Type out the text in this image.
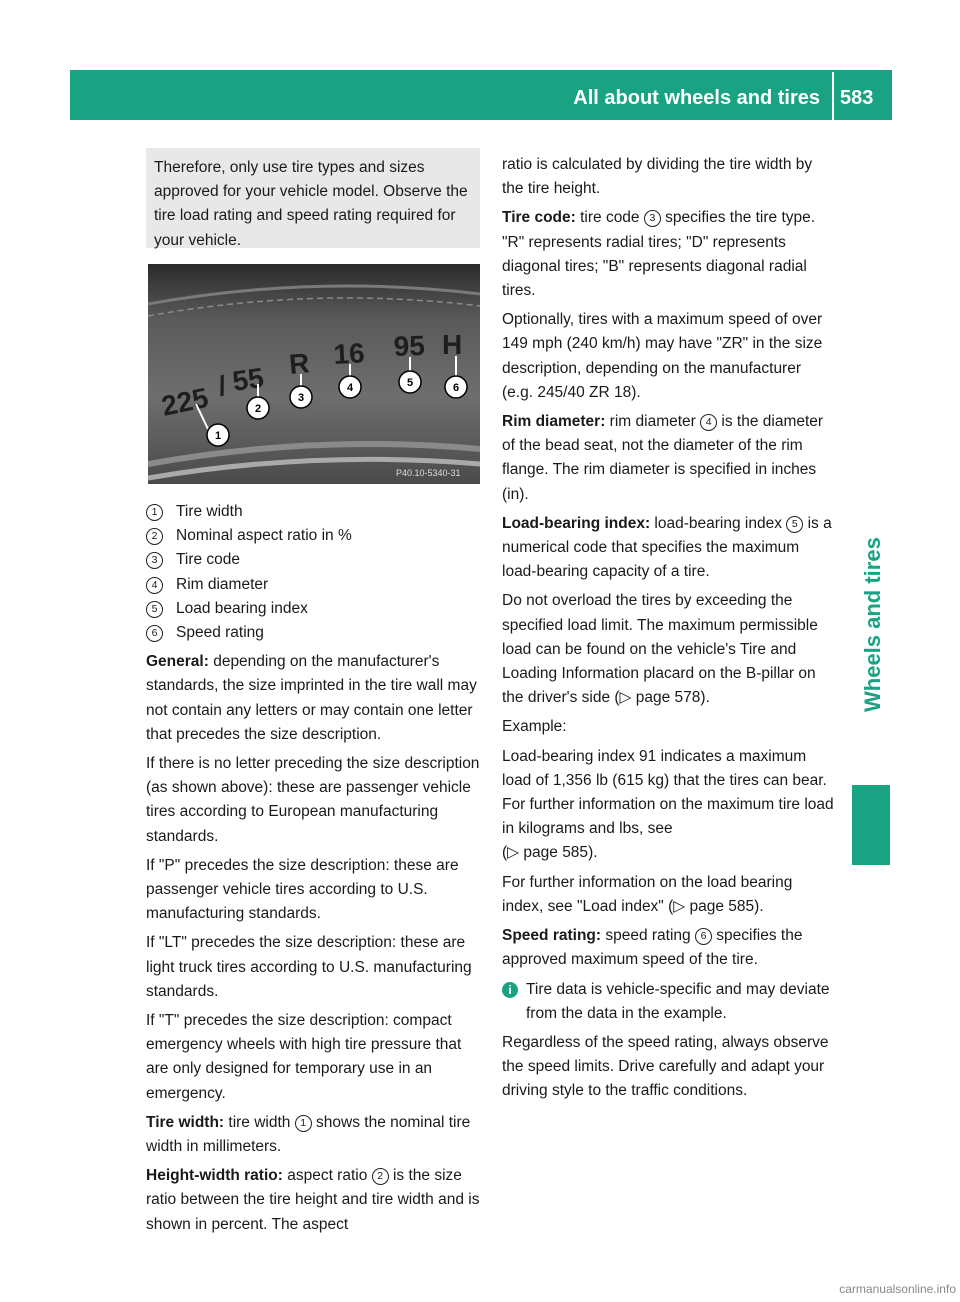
All about wheels and tires 583
Wheels and tires

Therefore, only use tire types and sizes approved for your vehicle model. Observe the tire load rating and speed rating required for your vehicle.

225 / 55 R 16 95 H
1
2
3
4	5	6
P40.10-5340-31

1	Tire width

2	Nominal aspect ratio in %

3	Tire code

4	Rim diameter

5	Load bearing index

6	Speed rating

General: depending on the manufacturer's standards, the size imprinted in the tire wall may not contain any letters or may contain one letter that precedes the size description.

If there is no letter preceding the size description (as shown above): these are passenger vehicle tires according to European manufacturing standards.

If "P" precedes the size description: these are passenger vehicle tires according to U.S. manufacturing standards.

If "LT" precedes the size description: these are light truck tires according to U.S. manufacturing standards.

If "T" precedes the size description: compact emergency wheels with high tire pressure that are only designed for temporary use in an emergency.

Tire width: tire width 1 shows the nominal tire width in millimeters.

Height-width ratio: aspect ratio 2 is the size ratio between the tire height and tire width and is shown in percent. The aspect

ratio is calculated by dividing the tire width by the tire height.

Tire code: tire code 3 specifies the tire type. "R" represents radial tires; "D" represents diagonal tires; "B" represents diagonal radial tires.

Optionally, tires with a maximum speed of over 149 mph (240 km/h) may have "ZR" in the size description, depending on the manufacturer (e.g. 245/40 ZR 18).

Rim diameter: rim diameter 4 is the diameter of the bead seat, not the diameter of the rim flange. The rim diameter is specified in inches (in).

Load-bearing index: load-bearing index 5 is a numerical code that specifies the maximum load-bearing capacity of a tire.

Do not overload the tires by exceeding the specified load limit. The maximum permissible load can be found on the vehicle's Tire and Loading Information placard on the B-pillar on the driver's side (▷ page 578).

Example:

Load-bearing index 91 indicates a maximum load of 1,356 lb (615 kg) that the tires can bear. For further information on the maximum tire load in kilograms and lbs, see

(▷ page 585).

For further information on the load bearing index, see "Load index" (▷ page 585).

Speed rating: speed rating 6 specifies the approved maximum speed of the tire.

i Tire data is vehicle-specific and may deviate from the data in the example.

Regardless of the speed rating, always observe the speed limits. Drive carefully and adapt your driving style to the traffic conditions.

carmanualsonline.info
